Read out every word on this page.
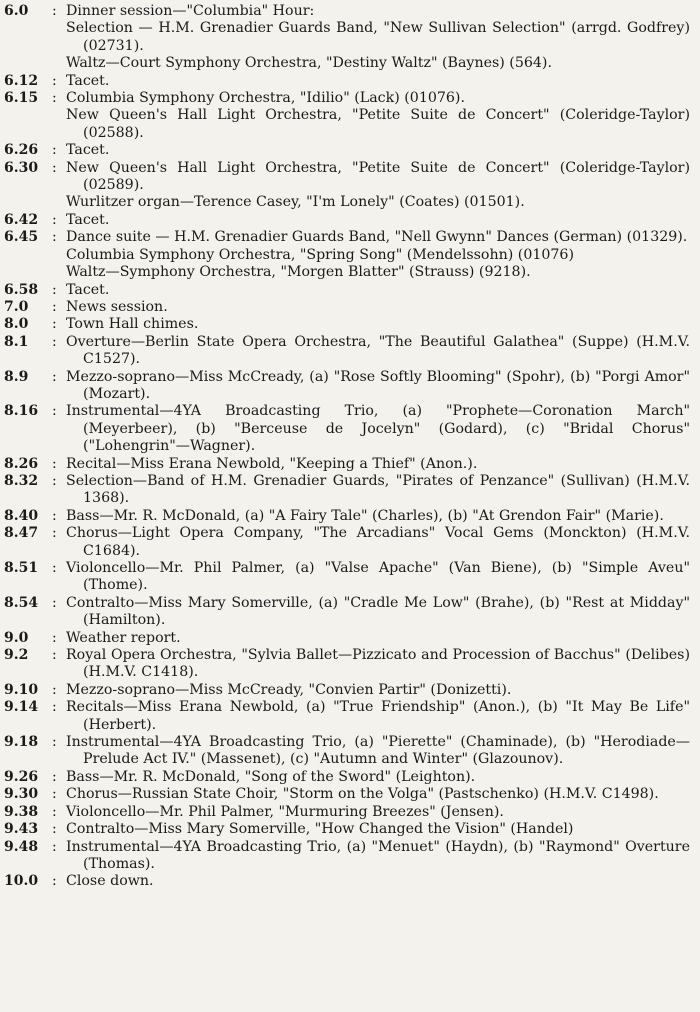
6.0	: Dinner session—"Columbia" Hour:
Selection — H.M. Grenadier Guards Band, "New Sullivan Selection" (arrgd. Godfrey) (02731).
Waltz—Court Symphony Orchestra, "Destiny Waltz" (Baynes) (564).
6.12 : Tacet.
6.15 : Columbia Symphony Orchestra, "Idilio" (Lack) (01076).
New Queen's Hall Light Orchestra, "Petite Suite de Concert" (Coleridge-Taylor) (02588).
6.26 : Tacet.
6.30 : New Queen's Hall Light Orchestra, "Petite Suite de Concert" (Coleridge-Taylor) (02589).
Wurlitzer organ—Terence Casey, "I'm Lonely" (Coates) (01501).
6.42 : Tacet.
6.45 : Dance suite — H.M. Grenadier Guards Band, "Nell Gwynn" Dances (German) (01329).
Columbia Symphony Orchestra, "Spring Song" (Mendelssohn) (01076)
Waltz—Symphony Orchestra, "Morgen Blatter" (Strauss) (9218).
6.58 : Tacet.
7.0	: News session.
8.0	: Town Hall chimes.
8.1	: Overture—Berlin State Opera Orchestra, "The Beautiful Galathea" (Suppe) (H.M.V. C1527).
8.9	: Mezzo-soprano—Miss McCready, (a) "Rose Softly Blooming" (Spohr), (b) "Porgi Amor" (Mozart).
8.16 : Instrumental—4YA Broadcasting Trio, (a) "Prophete—Coronation March" (Meyerbeer), (b) "Berceuse de Jocelyn" (Godard), (c) "Bridal Chorus" ("Lohengrin"—Wagner).
8.26 : Recital—Miss Erana Newbold, "Keeping a Thief" (Anon.).
8.32 : Selection—Band of H.M. Grenadier Guards, "Pirates of Penzance" (Sullivan) (H.M.V. 1368).
8.40 : Bass—Mr. R. McDonald, (a) "A Fairy Tale" (Charles), (b) "At Grendon Fair" (Marie).
8.47 : Chorus—Light Opera Company, "The Arcadians" Vocal Gems (Monckton) (H.M.V. C1684).
8.51 : Violoncello—Mr. Phil Palmer, (a) "Valse Apache" (Van Biene), (b) "Simple Aveu" (Thome).
8.54 : Contralto—Miss Mary Somerville, (a) "Cradle Me Low" (Brahe), (b) "Rest at Midday" (Hamilton).
9.0	: Weather report.
9.2	: Royal Opera Orchestra, "Sylvia Ballet—Pizzicato and Procession of Bacchus" (Delibes) (H.M.V. C1418).
9.10 : Mezzo-soprano—Miss McCready, "Convien Partir" (Donizetti).
9.14 : Recitals—Miss Erana Newbold, (a) "True Friendship" (Anon.), (b) "It May Be Life" (Herbert).
9.18 : Instrumental—4YA Broadcasting Trio, (a) "Pierette" (Chaminade), (b) "Herodiade—Prelude Act IV." (Massenet), (c) "Autumn and Winter" (Glazounov).
9.26 : Bass—Mr. R. McDonald, "Song of the Sword" (Leighton).
9.30 : Chorus—Russian State Choir, "Storm on the Volga" (Pastschenko) (H.M.V. C1498).
9.38 : Violoncello—Mr. Phil Palmer, "Murmuring Breezes" (Jensen).
9.43 : Contralto—Miss Mary Somerville, "How Changed the Vision" (Handel)
9.48 : Instrumental—4YA Broadcasting Trio, (a) "Menuet" (Haydn), (b) "Raymond" Overture (Thomas).
10.0 : Close down.
